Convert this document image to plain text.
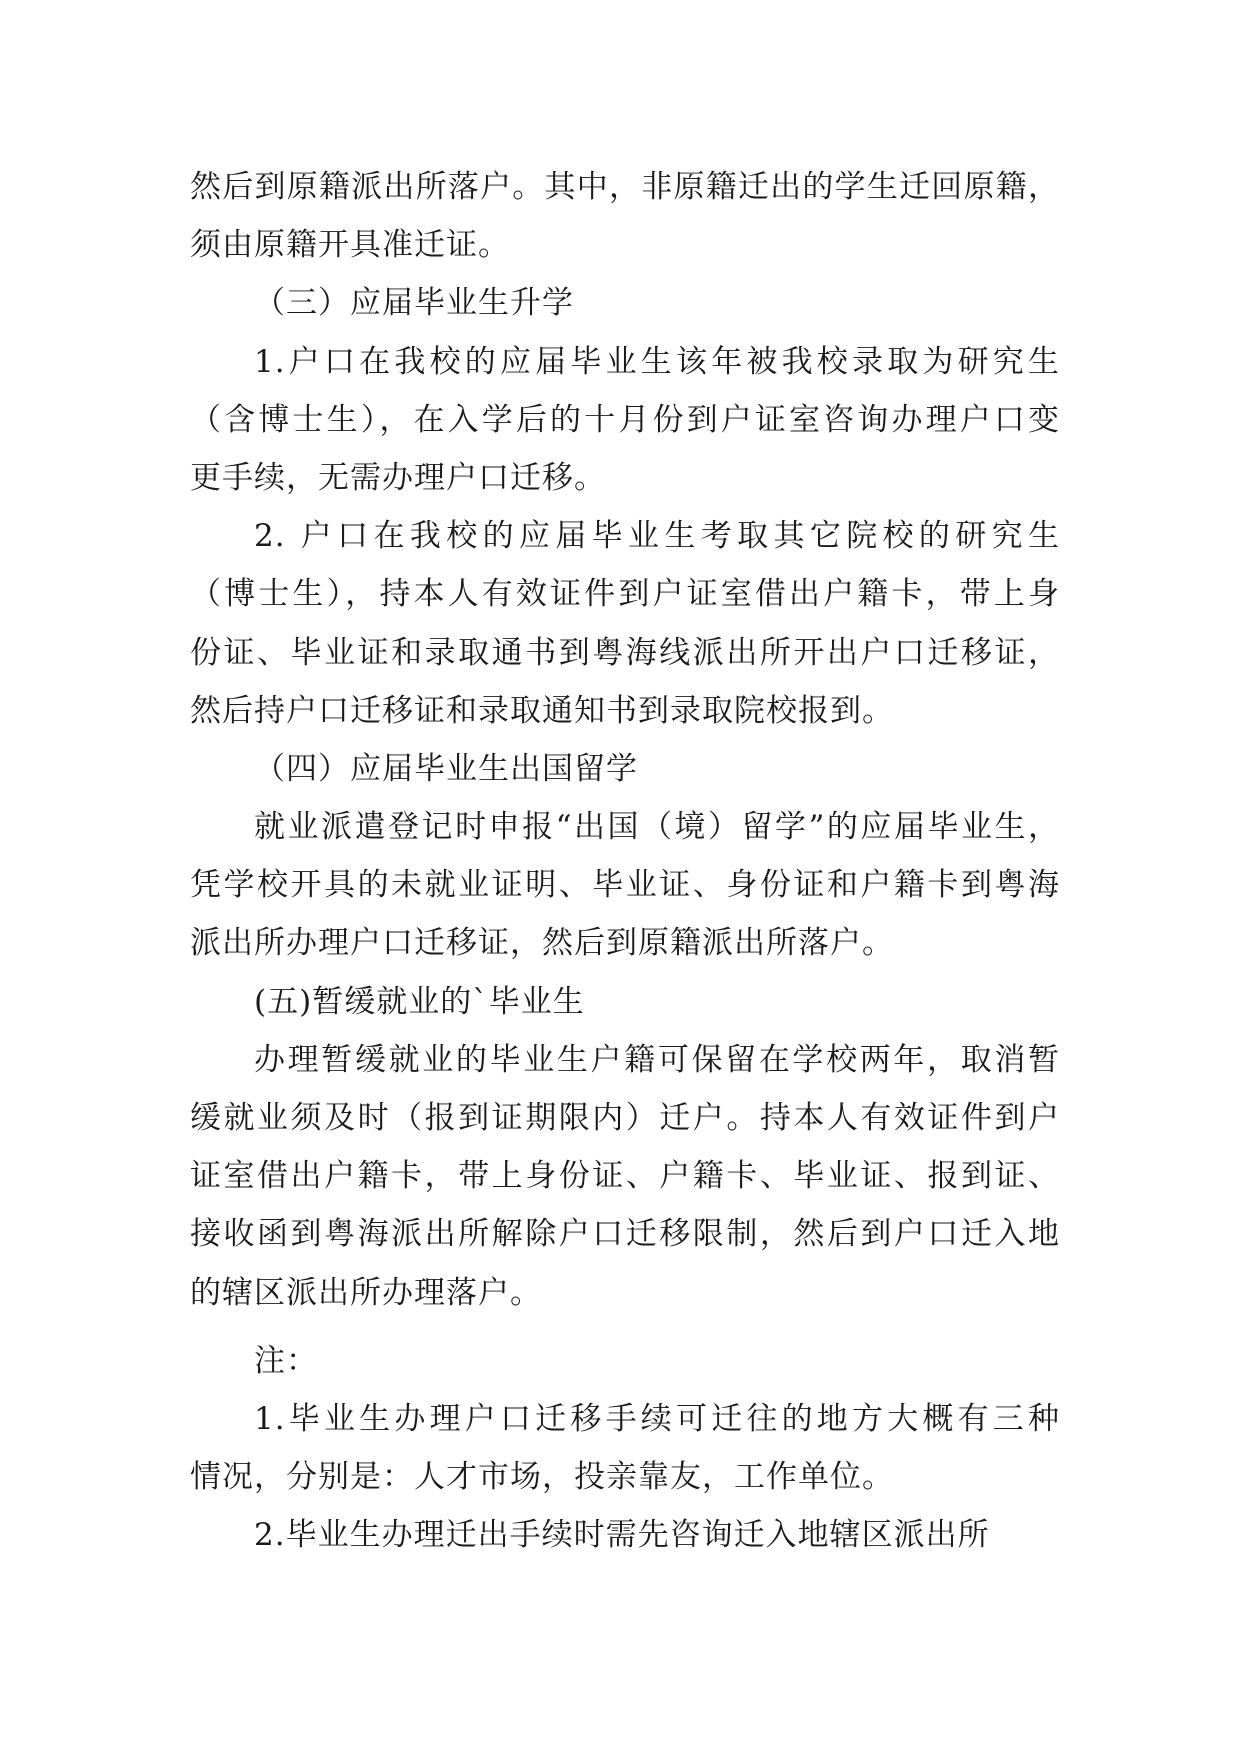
然后到原籍派出所落户。其中，非原籍迁出的学生迁回原籍，
须由原籍开具准迁证。
（三）应届毕业生升学
1.户口在我校的应届毕业生该年被我校录取为研究生
（含博士生），在入学后的十月份到户证室咨询办理户口变
更手续，无需办理户口迁移。
2. 户口在我校的应届毕业生考取其它院校的研究生
（博士生），持本人有效证件到户证室借出户籍卡，带上身
份证、毕业证和录取通书到粤海线派出所开出户口迁移证，
然后持户口迁移证和录取通知书到录取院校报到。
（四）应届毕业生出国留学
就业派遣登记时申报“出国（境）留学”的应届毕业生，
凭学校开具的未就业证明、毕业证、身份证和户籍卡到粤海
派出所办理户口迁移证，然后到原籍派出所落户。
(五)暂缓就业的`毕业生
办理暂缓就业的毕业生户籍可保留在学校两年，取消暂
缓就业须及时（报到证期限内）迁户。持本人有效证件到户
证室借出户籍卡，带上身份证、户籍卡、毕业证、报到证、
接收函到粤海派出所解除户口迁移限制，然后到户口迁入地
的辖区派出所办理落户。
注：
1.毕业生办理户口迁移手续可迁往的地方大概有三种
情况，分别是：人才市场，投亲靠友，工作单位。
2.毕业生办理迁出手续时需先咨询迁入地辖区派出所
